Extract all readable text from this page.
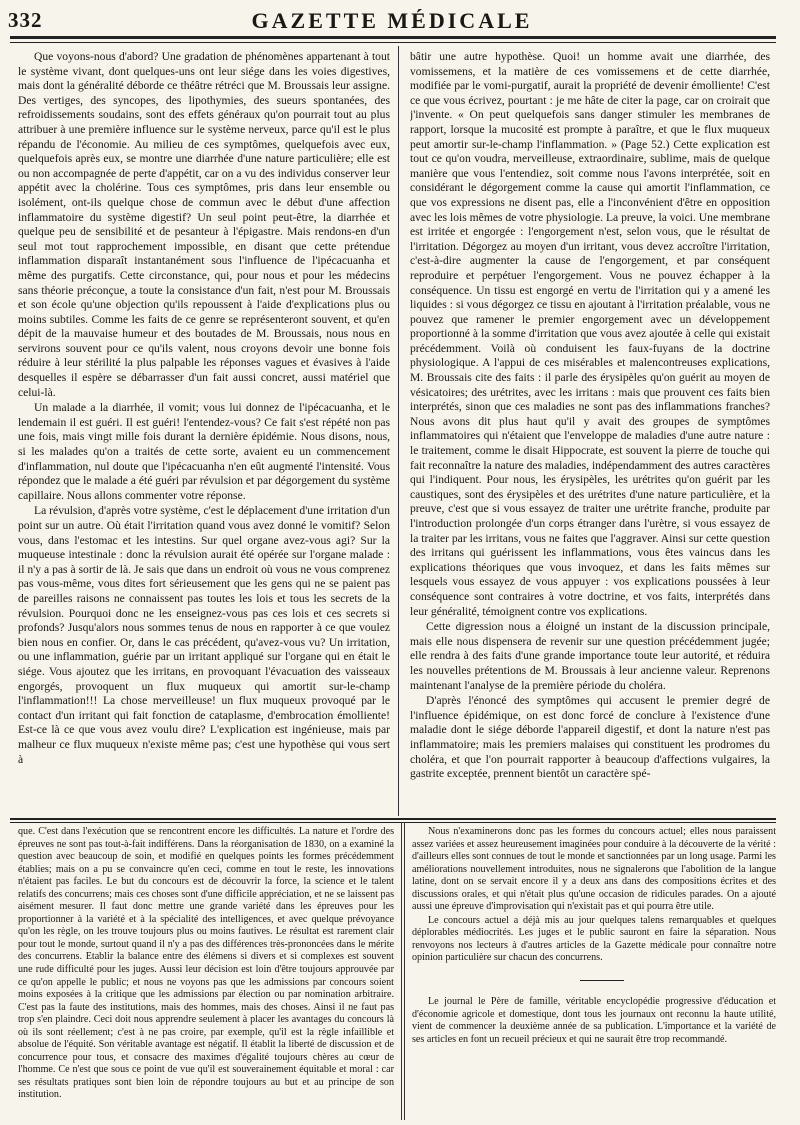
332	GAZETTE MÉDICALE

Que voyons-nous d'abord? Une gradation de phénomènes appartenant à tout le système vivant, dont quelques-uns ont leur siége dans les voies digestives, mais dont la généralité déborde ce théâtre rétréci que M. Broussais leur assigne. Des vertiges, des syncopes, des lipothymies, des sueurs spontanées, des refroidissements soudains, sont des effets généraux qu'on pourrait tout au plus attribuer à une première influence sur le système nerveux, parce qu'il est le plus répandu de l'économie. Au milieu de ces symptômes, quelquefois avec eux, quelquefois après eux, se montre une diarrhée d'une nature particulière; elle est ou non accompagnée de perte d'appétit, car on a vu des individus conserver leur appétit avec la cholérine. Tous ces symptômes, pris dans leur ensemble ou isolément, ont-ils quelque chose de commun avec le début d'une affection inflammatoire du système digestif? Un seul point peut-être, la diarrhée et quelque peu de sensibilité et de pesanteur à l'épigastre. Mais rendons-en d'un seul mot tout rapprochement impossible, en disant que cette prétendue inflammation disparaît instantanément sous l'influence de l'ipécacuanha et même des purgatifs. Cette circonstance, qui, pour nous et pour les médecins sans théorie préconçue, a toute la consistance d'un fait, n'est pour M. Broussais et son école qu'une objection qu'ils repoussent à l'aide d'explications plus ou moins subtiles. Comme les faits de ce genre se représenteront souvent, et qu'en dépit de la mauvaise humeur et des boutades de M. Broussais, nous nous en servirons souvent pour ce qu'ils valent, nous croyons devoir une bonne fois réduire à leur stérilité la plus palpable les réponses vagues et évasives à l'aide desquelles il espère se débarrasser d'un fait aussi concret, aussi matériel que celui-là.

Un malade a la diarrhée, il vomit; vous lui donnez de l'ipécacuanha, et le lendemain il est guéri. Il est guéri! l'entendez-vous? Ce fait s'est répété non pas une fois, mais vingt mille fois durant la dernière épidémie. Nous disons, nous, si les malades qu'on a traités de cette sorte, avaient eu un commencement d'inflammation, nul doute que l'ipécacuanha n'en eût augmenté l'intensité. Vous répondez que le malade a été guéri par révulsion et par dégorgement du système capillaire. Nous allons commenter votre réponse.

La révulsion, d'après votre système, c'est le déplacement d'une irritation d'un point sur un autre. Où était l'irritation quand vous avez donné le vomitif? Selon vous, dans l'estomac et les intestins. Sur quel organe avez-vous agi? Sur la muqueuse intestinale : donc la révulsion aurait été opérée sur l'organe malade : il n'y a pas à sortir de là. Je sais que dans un endroit où vous ne vous comprenez pas vous-même, vous dites fort sérieusement que les gens qui ne se paient pas de pareilles raisons ne connaissent pas toutes les lois et tous les secrets de la révulsion. Pourquoi donc ne les enseignez-vous pas ces lois et ces secrets si profonds? Jusqu'alors nous sommes tenus de nous en rapporter à ce que voulez bien nous en confier. Or, dans le cas précédent, qu'avez-vous vu? Un irritation, ou une inflammation, guérie par un irritant appliqué sur l'organe qui en était le siége. Vous ajoutez que les irritans, en provoquant l'évacuation des vaisseaux engorgés, provoquent un flux muqueux qui amortit sur-le-champ l'inflammation!!! La chose merveilleuse! un flux muqueux provoqué par le contact d'un irritant qui fait fonction de cataplasme, d'embrocation émolliente! Est-ce là ce que vous avez voulu dire? L'explication est ingénieuse, mais par malheur ce flux muqueux n'existe même pas; c'est une hypothèse qui vous sert à

bâtir une autre hypothèse. Quoi! un homme avait une diarrhée, des vomissemens, et la matière de ces vomissemens et de cette diarrhée, modifiée par le vomi-purgatif, aurait la propriété de devenir émolliente! C'est ce que vous écrivez, pourtant : je me hâte de citer la page, car on croirait que j'invente. « On peut quelquefois sans danger stimuler les membranes de rapport, lorsque la mucosité est prompte à paraître, et que le flux muqueux peut amortir sur-le-champ l'inflammation. » (Page 52.) Cette explication est tout ce qu'on voudra, merveilleuse, extraordinaire, sublime, mais de quelque manière que vous l'entendiez, soit comme nous l'avons interprétée, soit en considérant le dégorgement comme la cause qui amortit l'inflammation, ce que vos expressions ne disent pas, elle a l'inconvénient d'être en opposition avec les lois mêmes de votre physiologie. La preuve, la voici. Une membrane est irritée et engorgée : l'engorgement n'est, selon vous, que le résultat de l'irritation. Dégorgez au moyen d'un irritant, vous devez accroître l'irritation, c'est-à-dire augmenter la cause de l'engorgement, et par conséquent reproduire et perpétuer l'engorgement. Vous ne pouvez échapper à la conséquence. Un tissu est engorgé en vertu de l'irritation qui y a amené les liquides : si vous dégorgez ce tissu en ajoutant à l'irritation préalable, vous ne pouvez que ramener le premier engorgement avec un développement proportionné à la somme d'irritation que vous avez ajoutée à celle qui existait précédemment. Voilà où conduisent les faux-fuyans de la doctrine physiologique. A l'appui de ces misérables et malencontreuses explications, M. Broussais cite des faits : il parle des érysipèles qu'on guérit au moyen de vésicatoires; des urétrites, avec les irritans : mais que prouvent ces faits bien interprétés, sinon que ces maladies ne sont pas des inflammations franches? Nous avons dit plus haut qu'il y avait des groupes de symptômes inflammatoires qui n'étaient que l'enveloppe de maladies d'une autre nature : le traitement, comme le disait Hippocrate, est souvent la pierre de touche qui fait reconnaître la nature des maladies, indépendamment des autres caractères qui l'indiquent. Pour nous, les érysipèles, les urétrites qu'on guérit par les caustiques, sont des érysipèles et des urétrites d'une nature particulière, et la preuve, c'est que si vous essayez de traiter une urétrite franche, produite par l'introduction prolongée d'un corps étranger dans l'urètre, si vous essayez de la traiter par les irritans, vous ne faites que l'aggraver. Ainsi sur cette question des irritans qui guérissent les inflammations, vous êtes vaincus dans les explications théoriques que vous invoquez, et dans les faits mêmes sur lesquels vous essayez de vous appuyer : vos explications poussées à leur conséquence sont contraires à votre doctrine, et vos faits, interprétés dans leur généralité, témoignent contre vos explications.

Cette digression nous a éloigné un instant de la discussion principale, mais elle nous dispensera de revenir sur une question précédemment jugée; elle rendra à des faits d'une grande importance toute leur autorité, et réduira les nouvelles prétentions de M. Broussais à leur ancienne valeur. Reprenons maintenant l'analyse de la première période du choléra.

D'après l'énoncé des symptômes qui accusent le premier degré de l'influence épidémique, on est donc forcé de conclure à l'existence d'une maladie dont le siége déborde l'appareil digestif, et dont la nature n'est pas inflammatoire; mais les premiers malaises qui constituent les prodromes du choléra, et que l'on pourrait rapporter à beaucoup d'affections vulgaires, la gastrite exceptée, prennent bientôt un caractère spé-

que. C'est dans l'exécution que se rencontrent encore les difficultés. La nature et l'ordre des épreuves ne sont pas tout-à-fait indifférens. Dans la réorganisation de 1830, on a examiné la question avec beaucoup de soin, et modifié en quelques points les formes précédemment établies; mais on a pu se convaincre qu'en ceci, comme en tout le reste, les innovations n'étaient pas faciles. Le but du concours est de découvrir la force, la science et le talent relatifs des concurrens; mais ces choses sont d'une difficile appréciation, et ne se laissent pas aisément mesurer. Il faut donc mettre une grande variété dans les épreuves pour les proportionner à la variété et à la spécialité des intelligences, et avec quelque prévoyance qu'on les règle, on les trouve toujours plus ou moins fautives. Le résultat est rarement clair pour tout le monde, surtout quand il n'y a pas des différences très-prononcées dans le mérite des concurrens. Etablir la balance entre des élémens si divers et si complexes est souvent une rude difficulté pour les juges. Aussi leur décision est loin d'être toujours approuvée par ce qu'on appelle le public; et nous ne voyons pas que les admissions par concours soient moins exposées à la critique que les admissions par élection ou par nomination arbitraire. C'est pas la faute des institutions, mais des hommes, mais des choses. Ainsi il ne faut pas trop s'en plaindre. Ceci doit nous apprendre seulement à placer les avantages du concours là où ils sont réellement; c'est à ne pas croire, par exemple, qu'il est la règle infaillible et absolue de l'équité. Son véritable avantage est négatif. Il établit la liberté de discussion et de concurrence pour tous, et consacre des maximes d'égalité toujours chères au cœur de l'homme. Ce n'est que sous ce point de vue qu'il est souverainement équitable et moral : car ses résultats pratiques sont bien loin de répondre toujours au but et au principe de son institution.

Nous n'examinerons donc pas les formes du concours actuel; elles nous paraissent assez variées et assez heureusement imaginées pour conduire à la découverte de la vérité : d'ailleurs elles sont connues de tout le monde et sanctionnées par un long usage. Parmi les améliorations nouvellement introduites, nous ne signalerons que l'abolition de la langue latine, dont on se servait encore il y a deux ans dans des compositions écrites et des discussions orales, et qui n'était plus qu'une occasion de ridicules parades. On a ajouté aussi une épreuve d'improvisation qui n'existait pas et qui pourra être utile.

Le concours actuel a déjà mis au jour quelques talens remarquables et quelques déplorables médiocrités. Les juges et le public sauront en faire la séparation. Nous renvoyons nos lecteurs à d'autres articles de la Gazette médicale pour connaître notre opinion particulière sur chacun des concurrens.

Le journal le Père de famille, véritable encyclopédie progressive d'éducation et d'économie agricole et domestique, dont tous les journaux ont reconnu la haute utilité, vient de commencer la deuxième année de sa publication. L'importance et la variété de ses articles en font un recueil précieux et qui ne saurait être trop recommandé.
